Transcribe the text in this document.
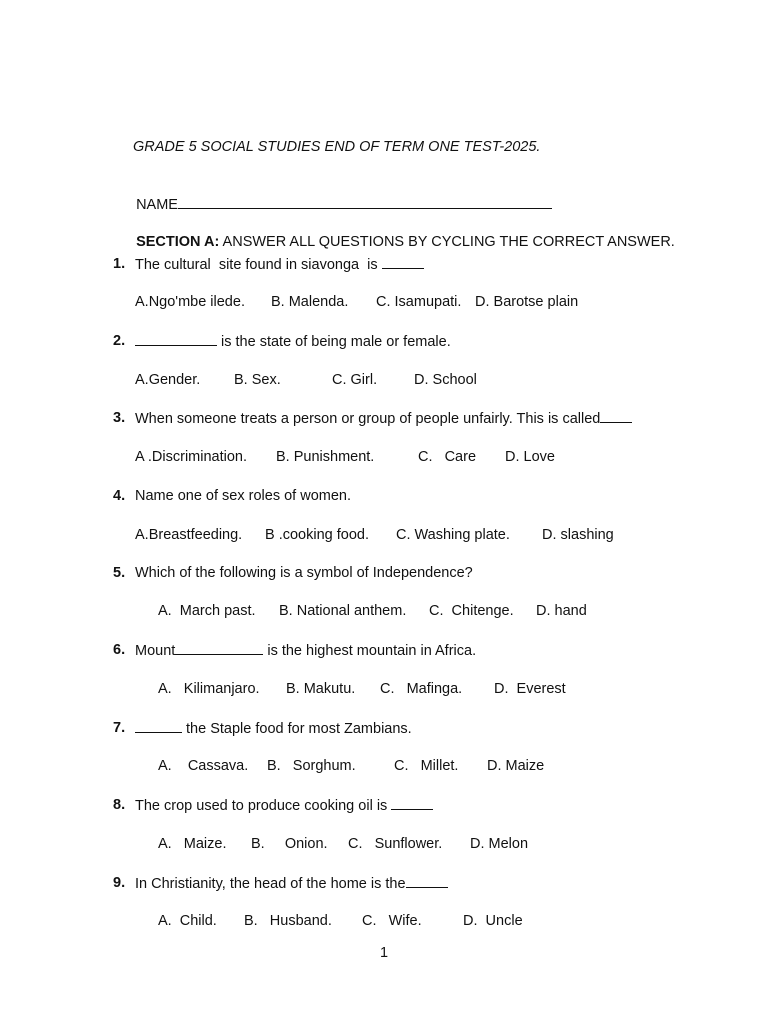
GRADE 5 SOCIAL STUDIES END OF TERM ONE TEST-2025.

NAME

SECTION A: ANSWER ALL QUESTIONS BY CYCLING THE CORRECT ANSWER.

1. The cultural  site found in siavonga  is

A.Ngo'mbe ilede.

B. Malenda.

C. Isamupati.

D. Barotse plain

2.	is the state of being male or female.

A.Gender.

B. Sex.

	C. Girl.

	D. School

3. When someone treats a person or group of people unfairly. This is called

A .Discrimination.

B. Punishment.

	C.   Care

D. Love

4. Name one of sex roles of women.

A.Breastfeeding.

B .cooking food.

C. Washing plate.

D. slashing

5. Which of the following is a symbol of Independence?

A.  March past.

B. National anthem.

C.  Chitenge.

D. hand

6. Mount	is the highest mountain in Africa.

A.   Kilimanjaro.

B. Makutu.

C.   Mafinga.

D.  Everest

7.	the Staple food for most Zambians.

A.    Cassava.

B.   Sorghum.

	C.   Millet.

D. Maize

8. The crop used to produce cooking oil is

A.   Maize.

B.     Onion.

C.   Sunflower.

D. Melon

9. In Christianity, the head of the home is the

A.  Child.

B.   Husband.

C.   Wife.

	D.  Uncle

1
